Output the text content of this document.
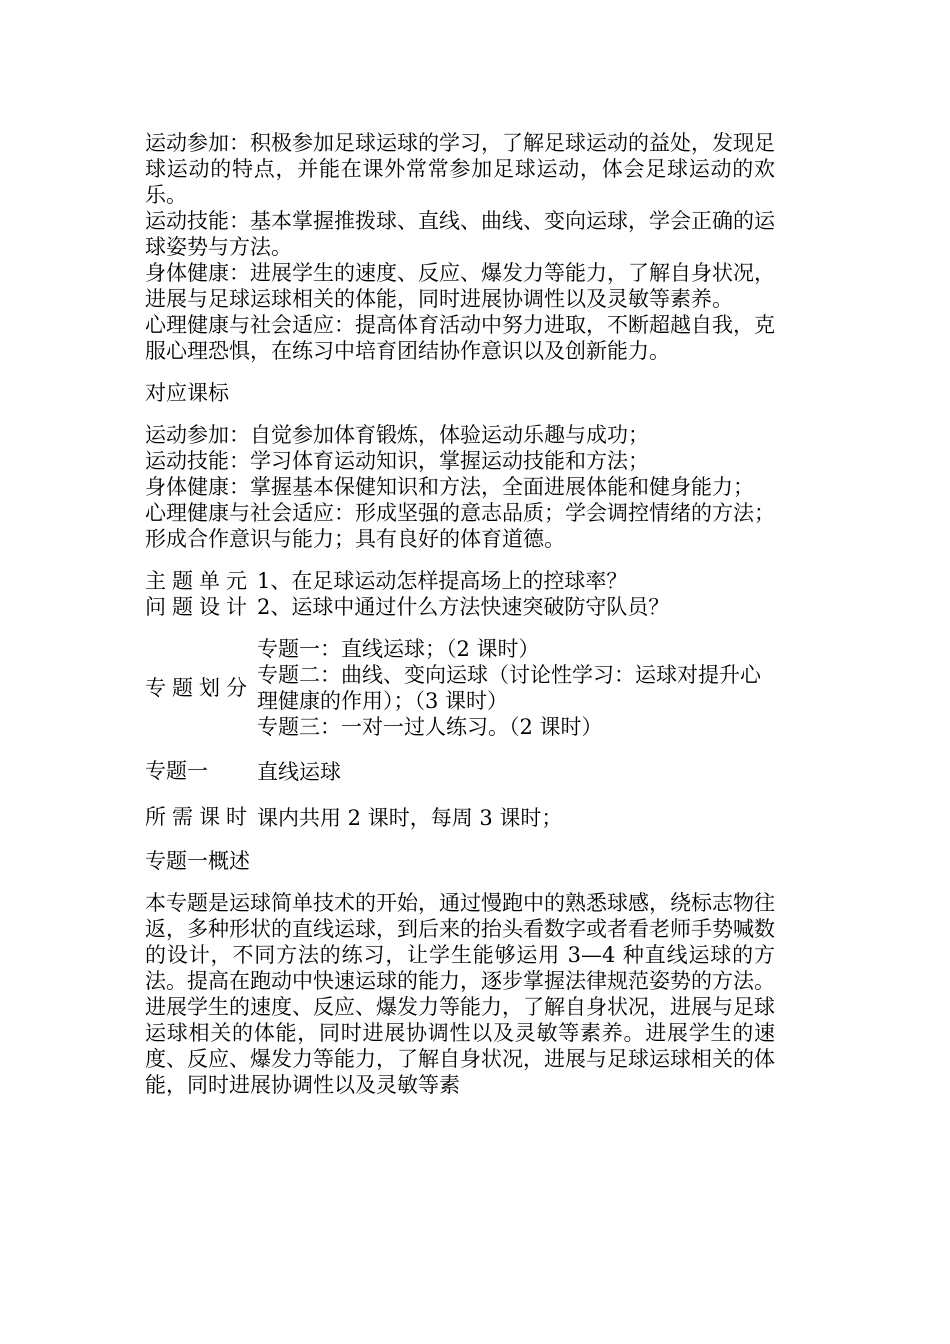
运动参加：积极参加足球运球的学习，了解足球运动的益处，发现足球运动的特点，并能在课外常常参加足球运动，体会足球运动的欢乐。

运动技能：基本掌握推拨球、直线、曲线、变向运球，学会正确的运球姿势与方法。

身体健康：进展学生的速度、反应、爆发力等能力，了解自身状况，进展与足球运球相关的体能，同时进展协调性以及灵敏等素养。

心理健康与社会适应：提高体育活动中努力进取，不断超越自我，克服心理恐惧，在练习中培育团结协作意识以及创新能力。

对应课标

运动参加：自觉参加体育锻炼，体验运动乐趣与成功；

运动技能：学习体育运动知识，掌握运动技能和方法；

身体健康：掌握基本保健知识和方法，全面进展体能和健身能力；

心理健康与社会适应：形成坚强的意志品质；学会调控情绪的方法；形成合作意识与能力；具有良好的体育道德。

主题单元问题设计

1、在足球运动怎样提高场上的控球率？

2、运球中通过什么方法快速突破防守队员？

专题划分

专题一：直线运球；（2 课时）

专题二：曲线、变向运球（讨论性学习：运球对提升心理健康的作用）；（3 课时）

专题三：一对一过人练习。（2 课时）

专题一	直线运球
所需课时 课内共用 2 课时，每周 3 课时；

专题一概述

本专题是运球简单技术的开始，通过慢跑中的熟悉球感，绕标志物往返，多种形状的直线运球，到后来的抬头看数字或者看老师手势喊数的设计，不同方法的练习，让学生能够运用 3—4 种直线运球的方法。提高在跑动中快速运球的能力，逐步掌握法律规范姿势的方法。进展学生的速度、反应、爆发力等能力，了解自身状况，进展与足球运球相关的体能，同时进展协调性以及灵敏等素养。进展学生的速度、反应、爆发力等能力，了解自身状况，进展与足球运球相关的体能，同时进展协调性以及灵敏等素
